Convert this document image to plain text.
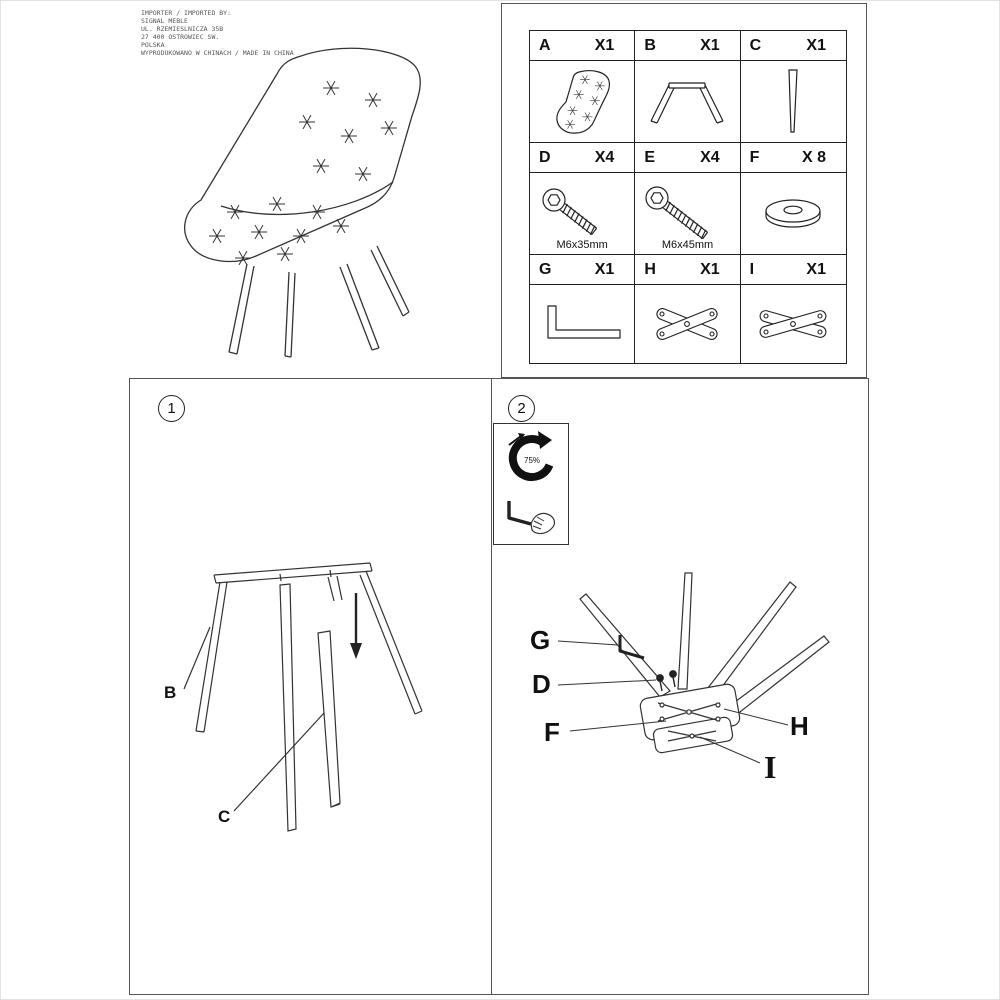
IMPORTER / IMPORTED BY:
SIGNAL MEBLE
UL. RZEMIESLNICZA 35B
27 400 OSTROWIEC SW.
POLSKA
WYPRODUKOWANO W CHINACH / MADE IN CHINA	A	X1 B	X1 C	X1
D	X4 E	X4 F	X 8
M6x35mm	M6x45mm
G	X1 H	X1 I	X1
1
B
C
2
75%
G
D
F	H
I
